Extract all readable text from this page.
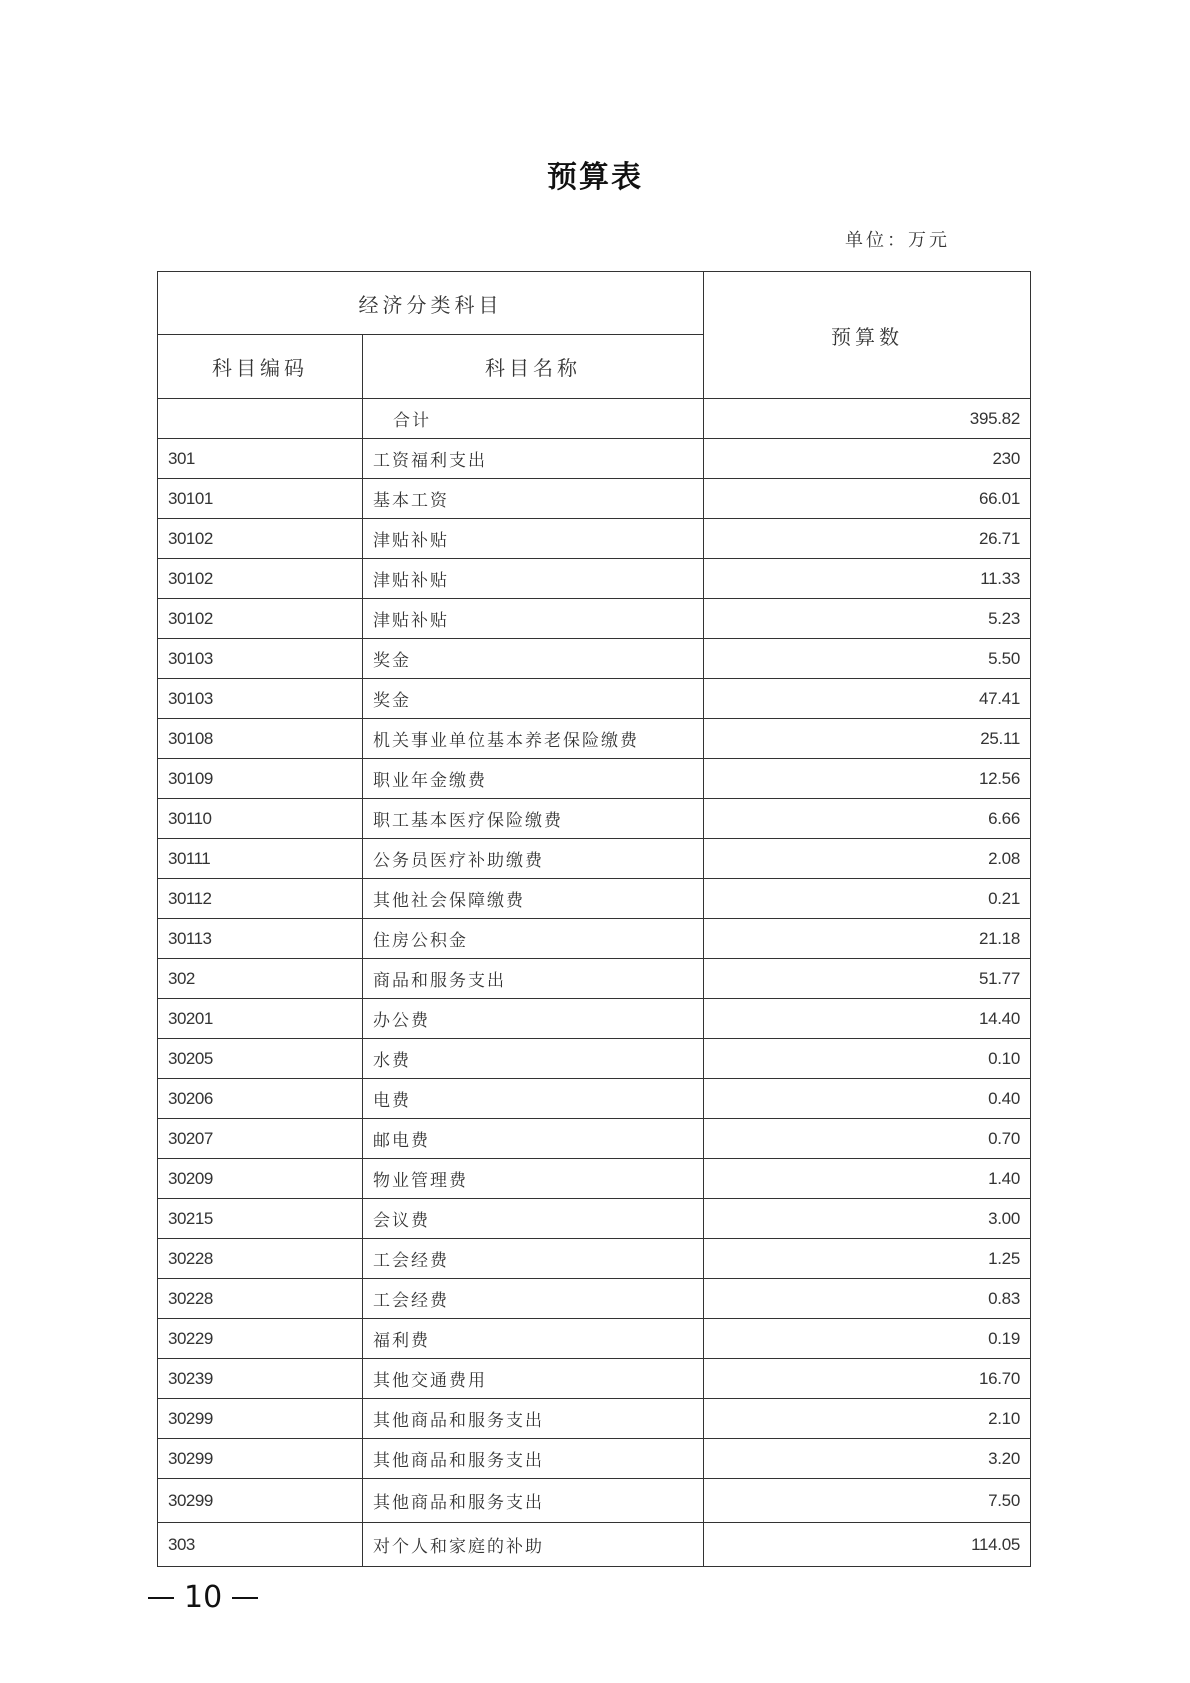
预算表
单位：万元
经济分类科目		预算数
科目编码	科目名称	
	合计	395.82
301	工资福利支出	230
30101	基本工资	66.01
30102	津贴补贴	26.71
30102	津贴补贴	11.33
30102	津贴补贴	5.23
30103	奖金	5.50
30103	奖金	47.41
30108	机关事业单位基本养老保险缴费	25.11
30109	职业年金缴费	12.56
30110	职工基本医疗保险缴费	6.66
30111	公务员医疗补助缴费	2.08
30112	其他社会保障缴费	0.21
30113	住房公积金	21.18
302	商品和服务支出	51.77
30201	办公费	14.40
30205	水费	0.10
30206	电费	0.40
30207	邮电费	0.70
30209	物业管理费	1.40
30215	会议费	3.00
30228	工会经费	1.25
30228	工会经费	0.83
30229	福利费	0.19
30239	其他交通费用	16.70
30299	其他商品和服务支出	2.10
30299	其他商品和服务支出	3.20
30299	其他商品和服务支出	7.50
303	对个人和家庭的补助	114.05
10
